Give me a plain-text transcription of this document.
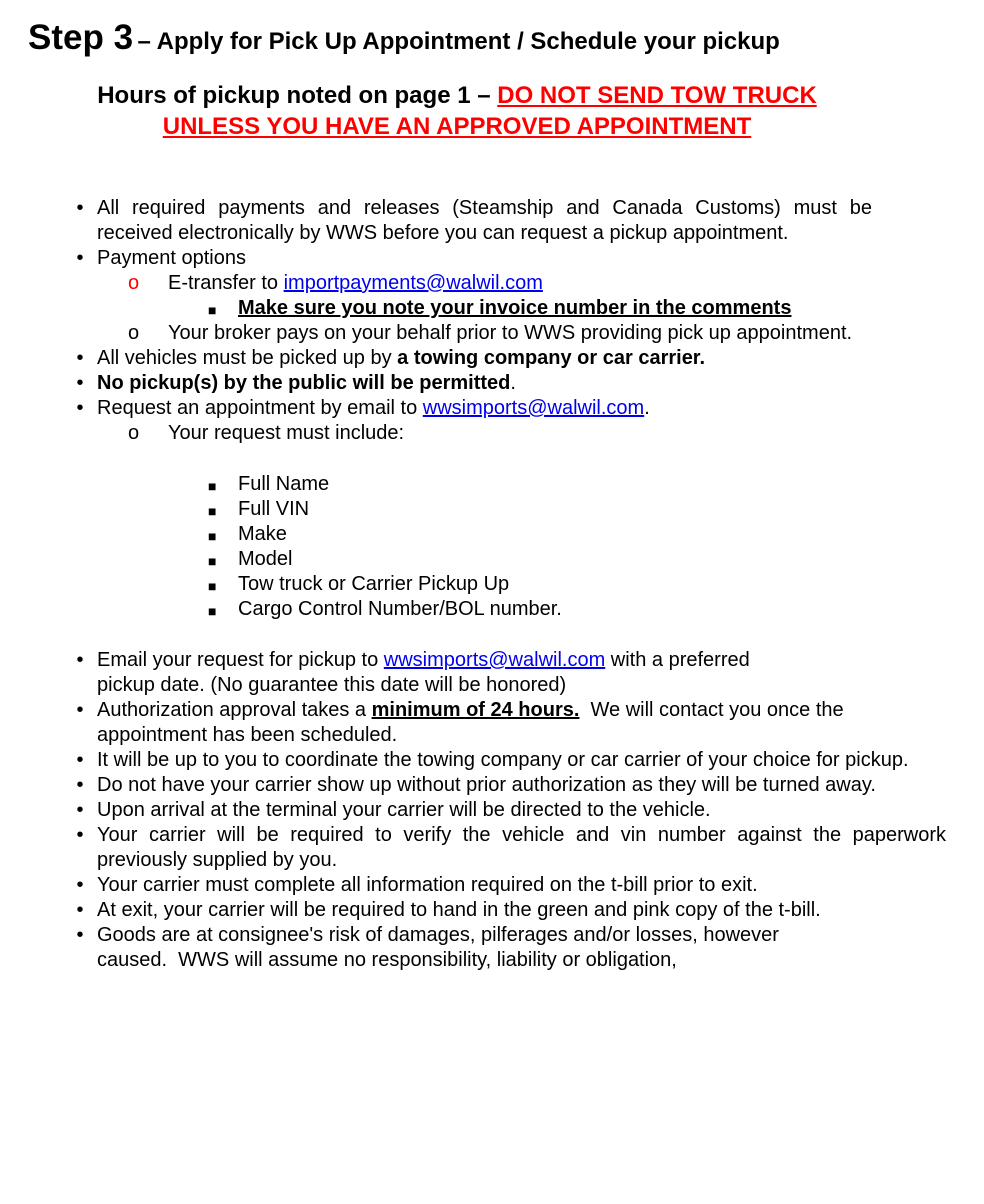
Step 3 – Apply for Pick Up Appointment / Schedule your pickup
Hours of pickup noted on page 1 – DO NOT SEND TOW TRUCK
UNLESS YOU HAVE AN APPROVED APPOINTMENT
• All required payments and releases (Steamship and Canada Customs) must be received electronically by WWS before you can request a pickup appointment.
• Payment options
o	E-transfer to importpayments@walwil.com
■	Make sure you note your invoice number in the comments
o	Your broker pays on your behalf prior to WWS providing pick up appointment.
• All vehicles must be picked up by a towing company or car carrier.
• No pickup(s) by the public will be permitted.
• Request an appointment by email to wwsimports@walwil.com.
o	Your request must include:
■	Full Name
■	Full VIN
■	Make
■	Model
■	Tow truck or Carrier Pickup Up
■	Cargo Control Number/BOL number.
• Email your request for pickup to wwsimports@walwil.com with a preferred
pickup date. (No guarantee this date will be honored)
• Authorization approval takes a minimum of 24 hours.  We will contact you once the appointment has been scheduled.
• It will be up to you to coordinate the towing company or car carrier of your choice for pickup.
• Do not have your carrier show up without prior authorization as they will be turned away.
• Upon arrival at the terminal your carrier will be directed to the vehicle.
• Your carrier will be required to verify the vehicle and vin number against the paperwork previously supplied by you.
• Your carrier must complete all information required on the t-bill prior to exit.
• At exit, your carrier will be required to hand in the green and pink copy of the t-bill.
• Goods are at consignee's risk of damages, pilferages and/or losses, however
caused.  WWS will assume no responsibility, liability or obligation,
